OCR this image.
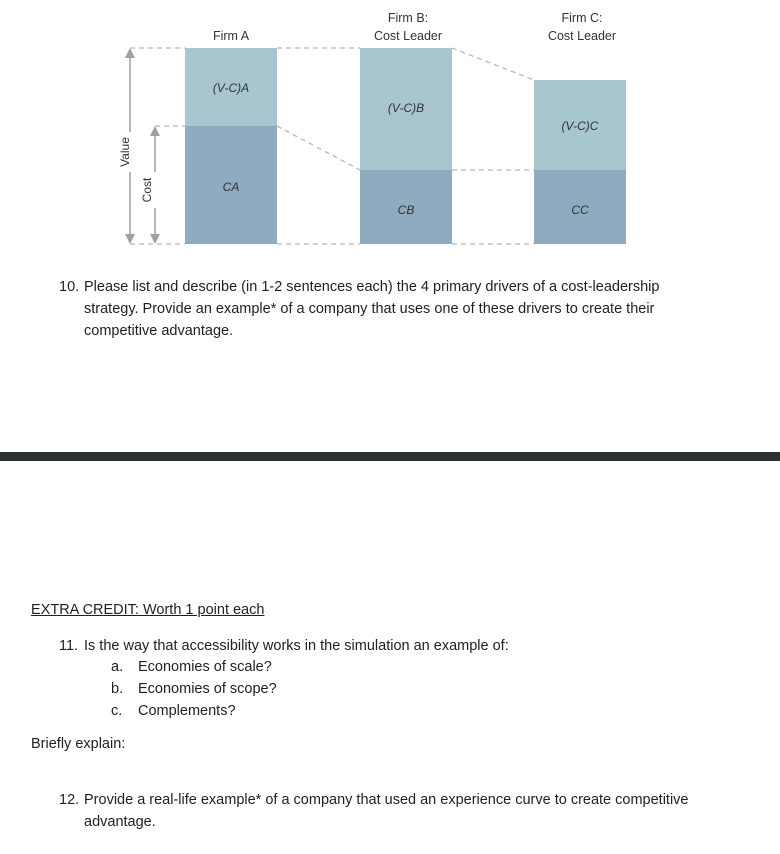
Value
Cost
Firm A
(V-C)A
CA
Firm B:
Cost Leader
(V-C)B
CB
Firm C:
Cost Leader
(V-C)C
CC
10. Please list and describe (in 1-2 sentences each) the 4 primary drivers of a cost-leadership
strategy. Provide an example* of a company that uses one of these drivers to create their
competitive advantage.
EXTRA CREDIT: Worth 1 point each
11. Is the way that accessibility works in the simulation an example of:
a. Economies of scale?
b. Economies of scope?
c. Complements?
Briefly explain:
12. Provide a real-life example* of a company that used an experience curve to create competitive
advantage.
